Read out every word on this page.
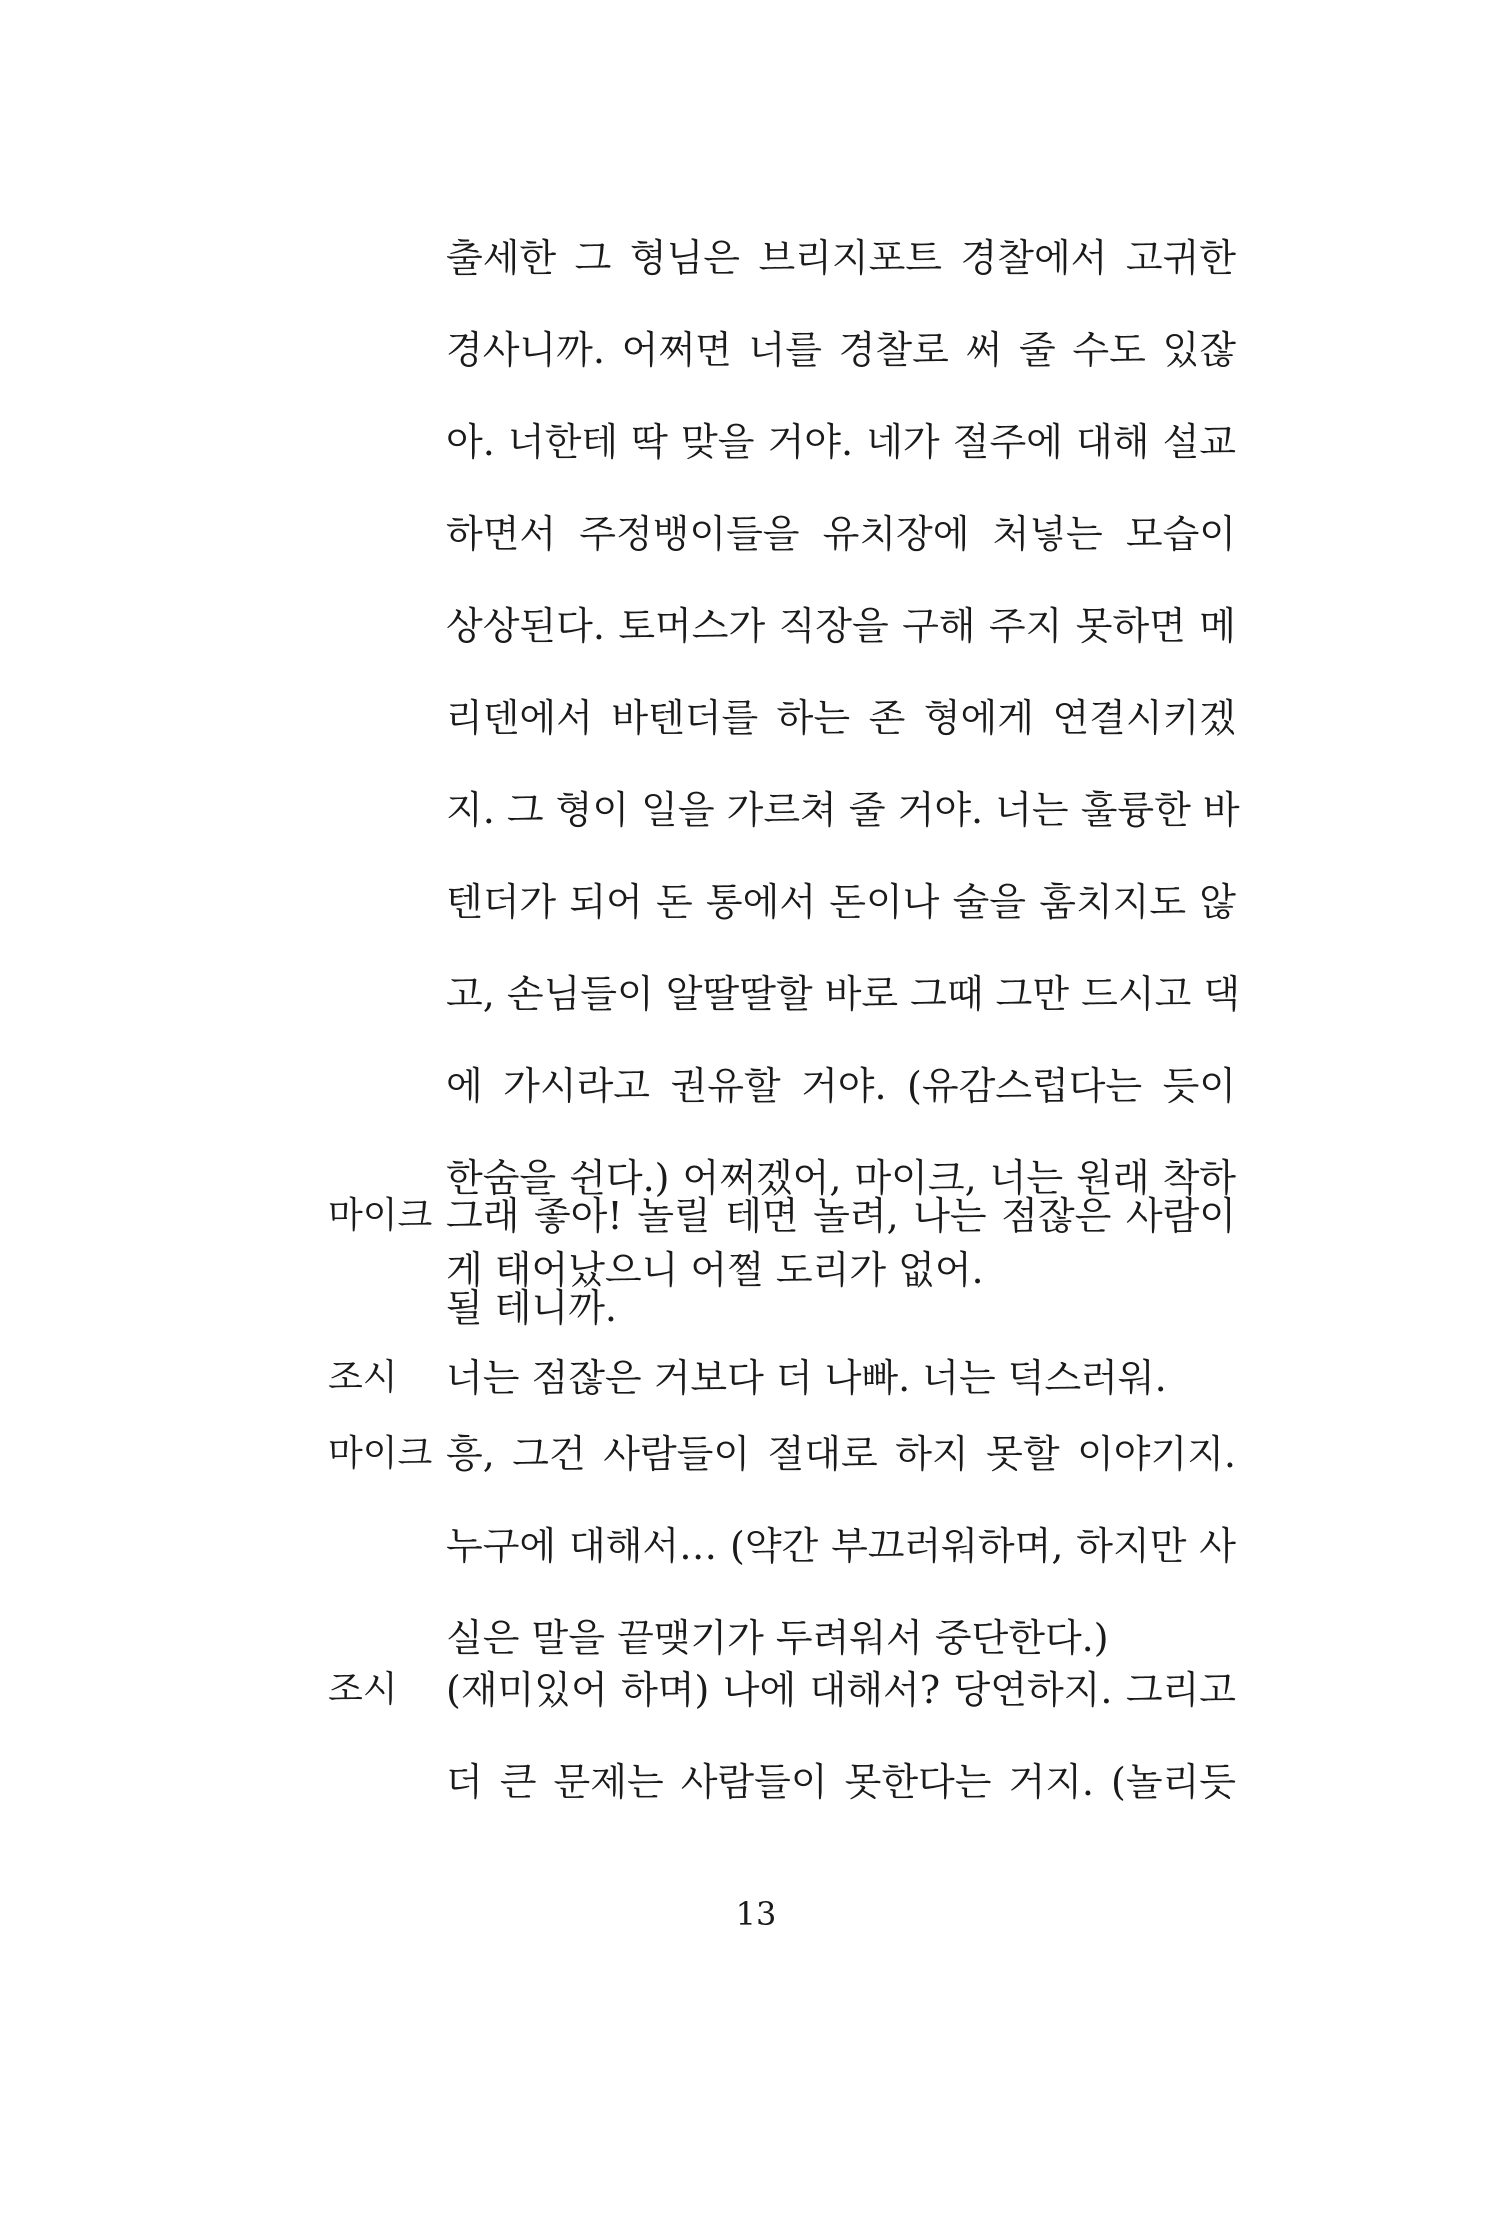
출세한 그 형님은 브리지포트 경찰에서 고귀한
경사니까. 어쩌면 너를 경찰로 써 줄 수도 있잖
아. 너한테 딱 맞을 거야. 네가 절주에 대해 설교
하면서 주정뱅이들을 유치장에 처넣는 모습이
상상된다. 토머스가 직장을 구해 주지 못하면 메
리덴에서 바텐더를 하는 존 형에게 연결시키겠
지. 그 형이 일을 가르쳐 줄 거야. 너는 훌륭한 바
텐더가 되어 돈 통에서 돈이나 술을 훔치지도 않
고, 손님들이 알딸딸할 바로 그때 그만 드시고 댁
에 가시라고 권유할 거야. (유감스럽다는 듯이
한숨을 쉰다.) 어쩌겠어, 마이크, 너는 원래 착하
게 태어났으니 어쩔 도리가 없어.
마이크 그래 좋아! 놀릴 테면 놀려, 나는 점잖은 사람이
될 테니까.
조시	너는 점잖은 거보다 더 나빠. 너는 덕스러워.
마이크 흥, 그건 사람들이 절대로 하지 못할 이야기지.
누구에 대해서… (약간 부끄러워하며, 하지만 사
실은 말을 끝맺기가 두려워서 중단한다.)
조시	(재미있어 하며) 나에 대해서? 당연하지. 그리고
더 큰 문제는 사람들이 못한다는 거지. (놀리듯
13
